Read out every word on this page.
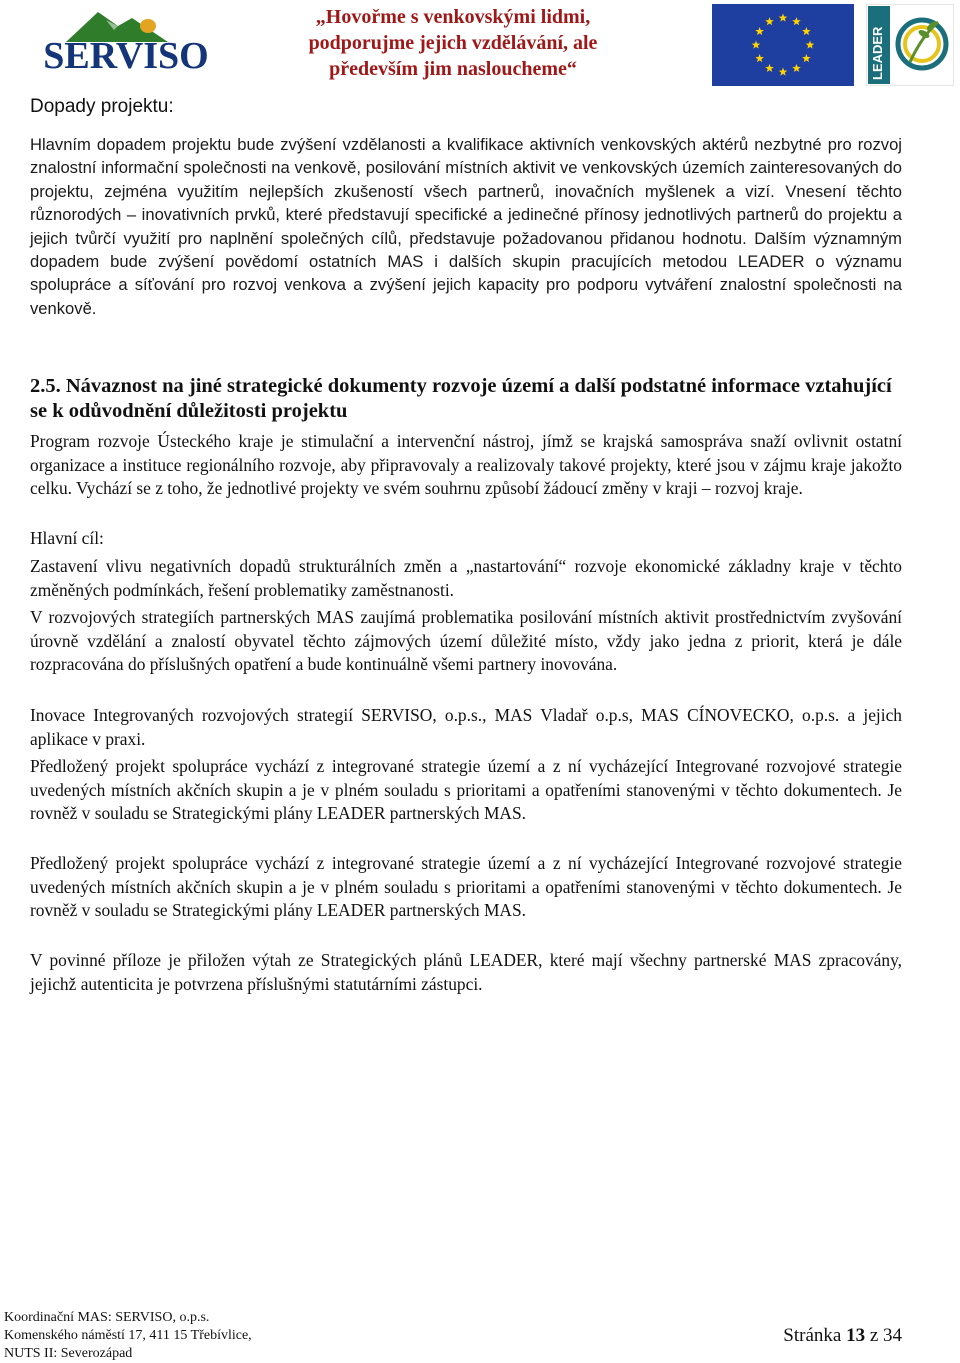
SERVISO
„Hovořme s venkovskými lidmi, podporujme jejich vzdělávání, ale především jim nasloucheme“	LEADER
Dopady projektu:

Hlavním dopadem projektu bude zvýšení vzdělanosti a kvalifikace aktivních venkovských aktérů nezbytné pro rozvoj znalostní informační společnosti na venkově, posilování místních aktivit ve venkovských územích zainteresovaných do projektu, zejména využitím nejlepších zkušeností všech partnerů, inovačních myšlenek a vizí. Vnesení těchto různorodých – inovativních prvků, které představují specifické a jedinečné přínosy jednotlivých partnerů do projektu a jejich tvůrčí využití pro naplnění společných cílů, představuje požadovanou přidanou hodnotu. Dalším významným dopadem bude zvýšení povědomí ostatních MAS i dalších skupin pracujících metodou LEADER o významu spolupráce a síťování pro rozvoj venkova a zvýšení jejich kapacity pro podporu vytváření znalostní společnosti na venkově.

2.5. Návaznost na jiné strategické dokumenty rozvoje území a další podstatné informace vztahující se k odůvodnění důležitosti projektu

Program rozvoje Ústeckého kraje je stimulační a intervenční nástroj, jímž se krajská samospráva snaží ovlivnit ostatní organizace a instituce regionálního rozvoje, aby připravovaly a realizovaly takové projekty, které jsou v zájmu kraje jakožto celku. Vychází se z toho, že jednotlivé projekty ve svém souhrnu způsobí žádoucí změny v kraji – rozvoj kraje.

Hlavní cíl:

Zastavení vlivu negativních dopadů strukturálních změn a „nastartování“ rozvoje ekonomické základny kraje v těchto změněných podmínkách, řešení problematiky zaměstnanosti.

V rozvojových strategiích partnerských MAS zaujímá problematika posilování místních aktivit prostřednictvím zvyšování úrovně vzdělání a znalostí obyvatel těchto zájmových území důležité místo, vždy jako jedna z priorit, která je dále rozpracována do příslušných opatření a bude kontinuálně všemi partnery inovována.

Inovace Integrovaných rozvojových strategií SERVISO, o.p.s., MAS Vladař o.p.s, MAS CÍNOVECKO, o.p.s. a jejich aplikace v praxi.

Předložený projekt spolupráce vychází z integrované strategie území a z ní vycházející Integrované rozvojové strategie uvedených místních akčních skupin a je v plném souladu s prioritami a opatřeními stanovenými v těchto dokumentech. Je rovněž v souladu se Strategickými plány LEADER partnerských MAS.

Předložený projekt spolupráce vychází z integrované strategie území a z ní vycházející Integrované rozvojové strategie uvedených místních akčních skupin a je v plném souladu s prioritami a opatřeními stanovenými v těchto dokumentech. Je rovněž v souladu se Strategickými plány LEADER partnerských MAS.

V povinné příloze je přiložen výtah ze Strategických plánů LEADER, které mají všechny partnerské MAS zpracovány, jejichž autenticita je potvrzena příslušnými statutárními zástupci.

Koordinační MAS: SERVISO, o.p.s.
Komenského náměstí 17, 411 15 Třebívlice,
NUTS II: Severozápad
Stránka 13 z 34
